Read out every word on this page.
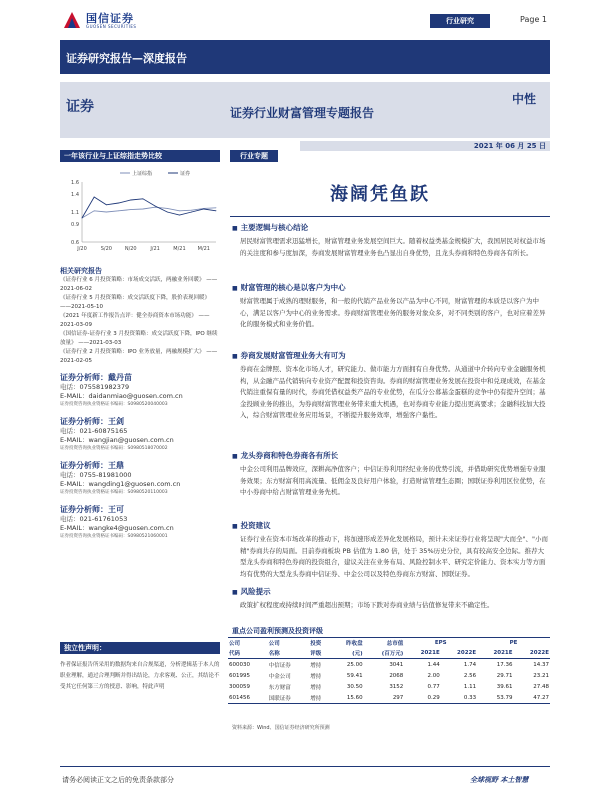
国信证券
GUOSEN SECURITIES
行业研究	Page 1
证券研究报告—深度报告
证券	证券行业财富管理专题报告
中性
2021 年 06 月 25 日
一年该行业与上证综指走势比较
1.6
1.4
1.1
0.9
0.6
J/20	S/20	N/20	J/21	M/21 M/21
上证综指	证券
相关研究报告
《证券行业 6 月投资策略：市场成交活跃，两融业务回暖》 ——2021-06-02
《证券行业 5 月投资策略：成交活跃度下降，股价表现回暖》 ——2021-05-10
《2021 年度新工作报告点评：健全券商资本市场功能》 ——2021-03-09
《国信证券-证券行业 3 月投资策略：成交活跃度下降，IPO 继续放量》 ——2021-03-03
《证券行业 2 月投资策略：IPO 业务放量，两融规模扩大》 ——2021-02-05
证券分析师：戴丹苗
电话：075581982379
E-MAIL：daidanmiao@guosen.com.cn
证券投资咨询执业资格证书编码：S0980520040003
证券分析师：王剑
电话：021-60875165
E-MAIL：wangjian@guosen.com.cn
证券投资咨询执业资格证书编码：S0980518070002
证券分析师：王鼎
电话：0755-81981000
E-MAIL：wangding1@guosen.com.cn
证券投资咨询执业资格证书编码：S0980520110003
证券分析师：王可
电话：021-61761053
E-MAIL：wangke4@guosen.com.cn
证券投资咨询执业资格证书编码：S0980521060001
独立性声明：
作者保证报告所采用的数据均来自合规渠道，分析逻辑基于本人的职业理解，通过合理判断并得出结论，力求客观、公正，其结论不受其它任何第三方的授意、影响，特此声明
行业专题
海阔凭鱼跃
■ 主要逻辑与核心结论
居民财富管理需求迅猛增长，财富管理业务发展空间巨大。随着权益类基金规模扩大，我国居民对权益市场的关注度和参与度加深，券商发展财富管理业务也凸显出自身优势，且龙头券商和特色券商各有所长。
■ 财富管理的核心是以客户为中心
财富管理属于成熟的理财服务，和一般的代销产品业务以产品为中心不同，财富管理的本质是以客户为中心，满足以客户为中心的业务需求。券商财富管理业务的服务对象众多，对不同类别的客户，也对应着差异化的服务模式和业务价值。
■ 券商发展财富管理业务大有可为
券商在金牌照、资本化市场人才，研究能力、做市能力方面拥有自身优势。从通道中介转向专业金融服务机构，从金融产品代销转向专业资产配置和投资咨询。券商的财富管理业务发展在投资中和兑现成效，在基金代销注重保有量的时代，券商凭借权益类产品的专业优势，在瓜分公募基金蛋糕的竞争中仍有提升空间；基金投顾业务的推出，为券商财富管理业务带来重大机遇，也对券商专业能力提出更高要求；金融科技加大投入，综合财富管理业务应用场景，不断提升服务效率，增强客户黏性。
■ 龙头券商和特色券商各有所长
中金公司利用品牌效应，深耕高净值客户；中信证券利用经纪业务的优势引流，并借助研究优势增强专业服务效果；东方财富利用高流量、低佣金及良好用户体验，打造财富管理生态圈；国联证券利用区位优势，在中小券商中给占财富管理业务先机。
■ 投资建议
证券行业在资本市场改革的推动下，将加速形成差异化发展格局，预计未来证券行业将呈现"大而全"、"小而精"券商共存的局面。目前券商板块 PB 估值为 1.80 倍，处于 35%历史分位，具有较高安全边际。推荐大型龙头券商和特色券商的投资组合，建议关注在业务布局、风险控制水平、研究定价能力、资本实力等方面均有优势的大型龙头券商中信证券、中金公司以及特色券商东方财富、国联证券。
■ 风险提示
政策扩权程度或持续时间严重超出预期；市场下跌对券商业绩与估值修复带来不确定性。
重点公司盈利预测及投资评级
公司	公司	投资	昨收盘	总市值	EPS		PE	
代码	名称	评级	(元)	(百万元)	2021E	2022E	2021E	2022E
600030	中信证券	增持	25.00	3041	1.44	1.74	17.36	14.37
601995	中金公司	增持	59.41	2068	2.00	2.56	29.71	23.21
300059	东方财富	增持	30.50	3152	0.77	1.11	39.61	27.48
601456	国联证券	增持	15.60	297	0.29	0.33	53.79	47.27
资料来源：Wind、国信证券经济研究所预测
请务必阅读正文之后的免责条款部分	全球视野 本土智慧
